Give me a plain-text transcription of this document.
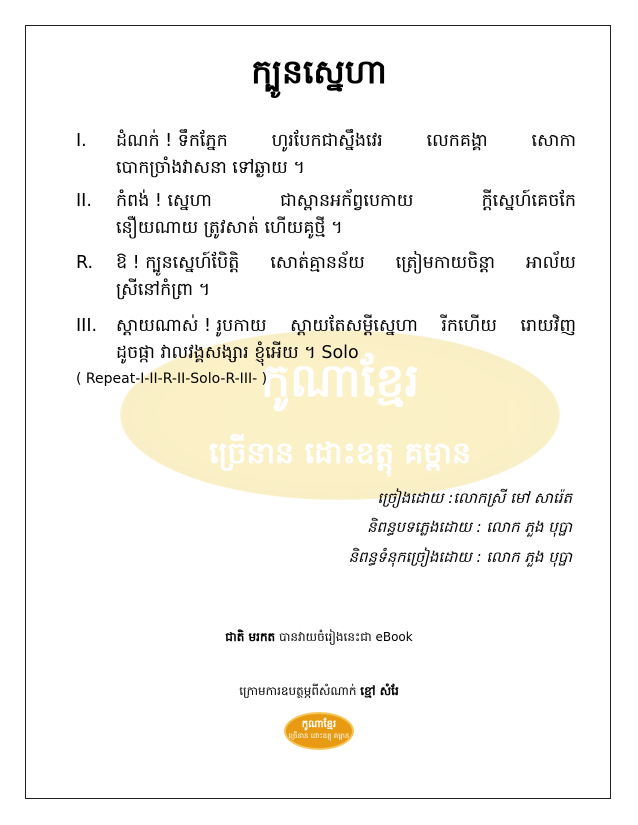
កូណាខ្មែរ
ច្រើនាន ដោះឧត្តុ គម្ពាន
ក្បូនស្នេហា
I.	ដំណក់ ! ទឹកភ្នែក	ហូរបែកជាស្នឹងវេរ	លេកគង្គា	សោកា
បោកច្រាំងវាសនា ទៅឆ្ងាយ ។
II.	កំពង់ ! ស្នេហា	ជាស្ពានអក័ព្វបេកាយ	ក្តីស្នេហ៍គេចកែ
នឿយណាយ ត្រូវសាត់ ហើយគូថ្មី ។
R.	ឱ ! ក្បូនស្នេហ៍បែិត្តិ សោត់គ្មានន័យ ត្រៀមកាយចិន្តា អាល័យ
ស្រីនៅកំព្រា ។
III.	ស្តាយណាស់ ! រូបកាយ ស្តាយតែសម្តីស្នេហា រីកហើយ រោយវិញ
ដូចផ្កា វាលវង្គសង្សារ ខ្ញុំអើយ ។ Solo
( Repeat-I-II-R-II-Solo-R-III- )
ច្រៀងដោយ :លោកស្រី មៅ សារ៉េត
និពន្ធបទភ្លេងដោយ : លោក ភួង បុប្ផា
និពន្ធទំនុកច្រៀងដោយ : លោក ភួង បុប្ផា
ជាតិ មរកត បានវាយចំរៀងនេះជា eBook
ក្រោមការឧបត្ថម្ភពីសំណាក់ ខ្មៅ សំរែ
កូណាខ្មែរ
ច្រើនាន ដោះឧត្តុ គម្ពាន
